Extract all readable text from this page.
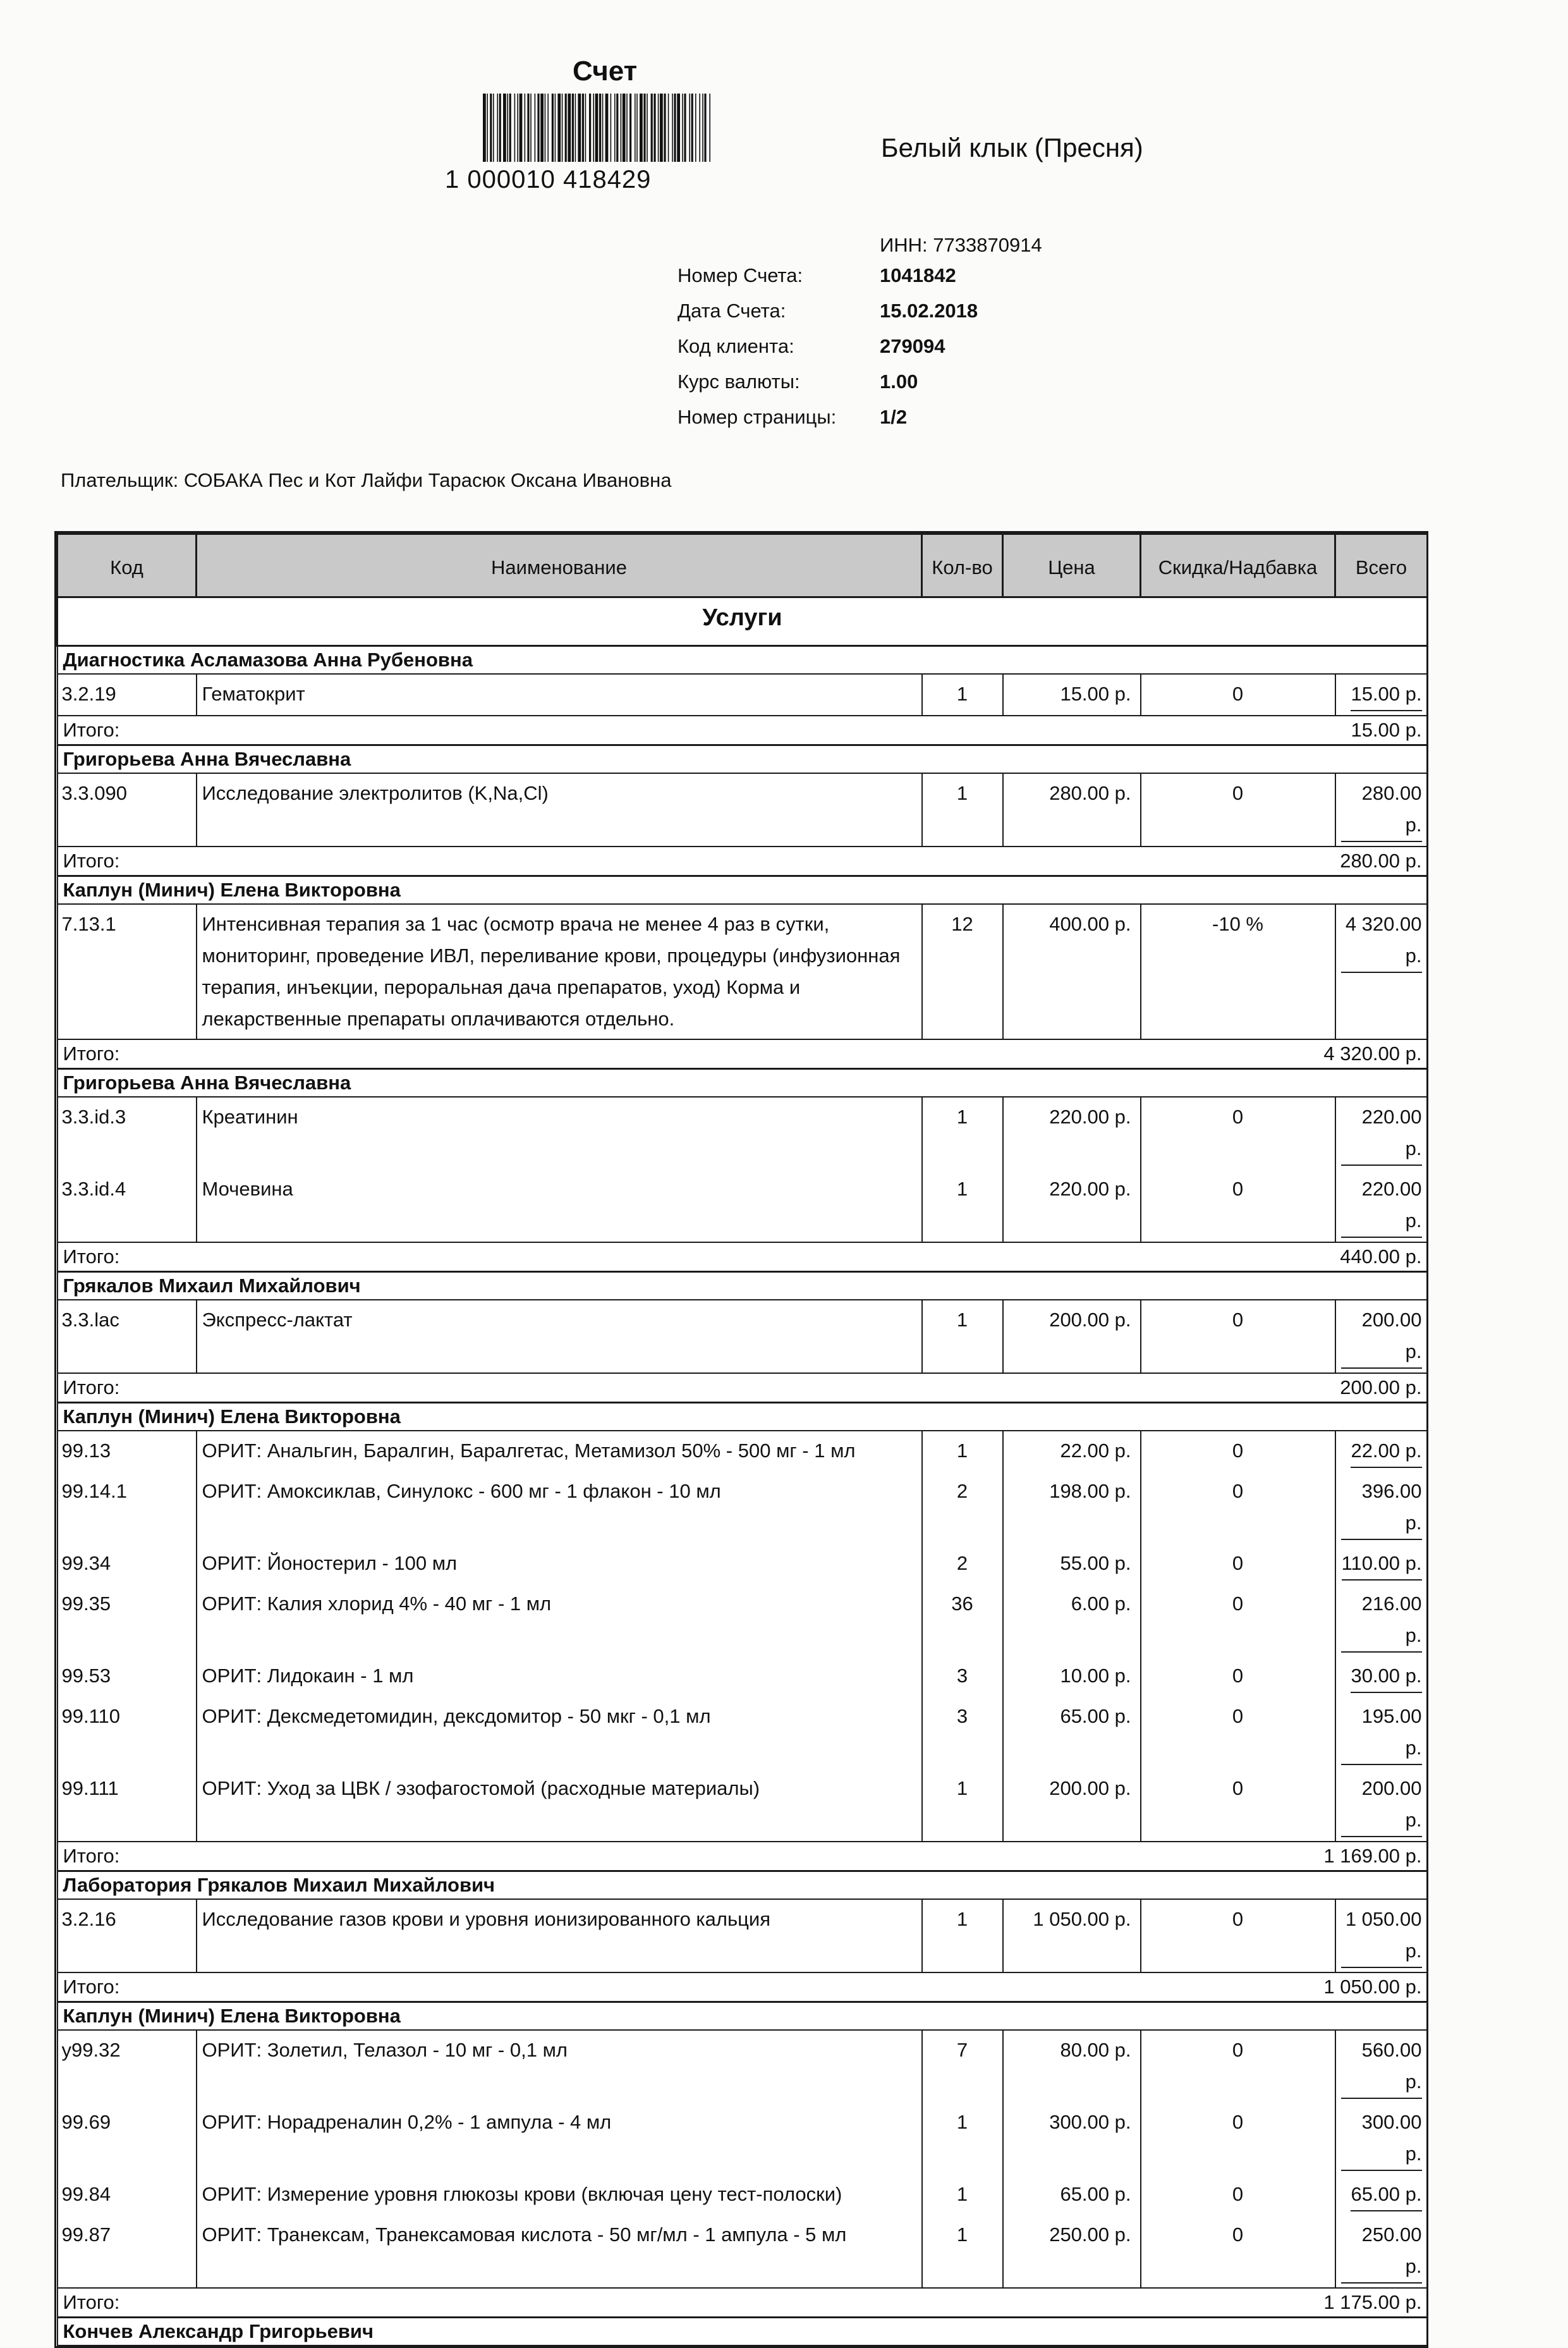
Счет
1 000010 418429
Белый клык (Пресня)
ИНН: 7733870914
Номер Счета:	1041842
Дата Счета:	15.02.2018
Код клиента:	279094
Курс валюты:	1.00
Номер страницы:	1/2
Плательщик: СОБАКА Пес и Кот Лайфи Тарасюк Оксана Ивановна
Код	Наименование	Кол-во	Цена	Скидка/Надбавка	Всего
Услуги					
Диагностика Асламазова Анна Рубеновна					
3.2.19	Гематокрит	1	15.00 р.	0	15.00 р.
Итого:		15.00 р.			
Григорьева Анна Вячеславна					
3.3.090	Исследование электролитов (K,Na,Cl)	1	280.00 р.	0	280.00 р.
Итого:		280.00 р.			
Каплун (Минич) Елена Викторовна					
7.13.1	Интенсивная терапия за 1 час (осмотр врача не менее 4 раз в сутки, мониторинг, проведение ИВЛ, переливание крови, процедуры (инфузионная терапия, инъекции, пероральная дача препаратов, уход) Корма и лекарственные препараты оплачиваются отдельно.	12	400.00 р.	-10 %	4 320.00 р.
Итого:		4 320.00 р.			
Григорьева Анна Вячеславна					
3.3.id.3	Креатинин	1	220.00 р.	0	220.00 р.
3.3.id.4	Мочевина	1	220.00 р.	0	220.00 р.
Итого:		440.00 р.			
Грякалов Михаил Михайлович					
3.3.lac	Экспресс-лактат	1	200.00 р.	0	200.00 р.
Итого:		200.00 р.			
Каплун (Минич) Елена Викторовна					
99.13	ОРИТ: Анальгин, Баралгин, Баралгетас, Метамизол 50% - 500 мг - 1 мл	1	22.00 р.	0	22.00 р.
99.14.1	ОРИТ: Амоксиклав, Синулокс - 600 мг - 1 флакон - 10 мл	2	198.00 р.	0	396.00 р.
99.34	ОРИТ: Йоностерил - 100 мл	2	55.00 р.	0	110.00 р.
99.35	ОРИТ: Калия хлорид 4% - 40 мг - 1 мл	36	6.00 р.	0	216.00 р.
99.53	ОРИТ: Лидокаин - 1 мл	3	10.00 р.	0	30.00 р.
99.110	ОРИТ: Дексмедетомидин, дексдомитор - 50 мкг - 0,1 мл	3	65.00 р.	0	195.00 р.
99.111	ОРИТ: Уход за ЦВК / эзофагостомой (расходные материалы)	1	200.00 р.	0	200.00 р.
Итого:		1 169.00 р.			
Лаборатория Грякалов Михаил Михайлович					
3.2.16	Исследование газов крови и уровня ионизированного кальция	1	1 050.00 р.	0	1 050.00 р.
Итого:		1 050.00 р.			
Каплун (Минич) Елена Викторовна					
у99.32	ОРИТ: Золетил, Телазол - 10 мг - 0,1 мл	7	80.00 р.	0	560.00 р.
99.69	ОРИТ: Норадреналин 0,2% - 1 ампула - 4 мл	1	300.00 р.	0	300.00 р.
99.84	ОРИТ: Измерение уровня глюкозы крови (включая цену тест-полоски)	1	65.00 р.	0	65.00 р.
99.87	ОРИТ: Транексам, Транексамовая кислота - 50 мг/мл - 1 ампула - 5 мл	1	250.00 р.	0	250.00 р.
Итого:		1 175.00 р.			
Кончев Александр Григорьевич					
